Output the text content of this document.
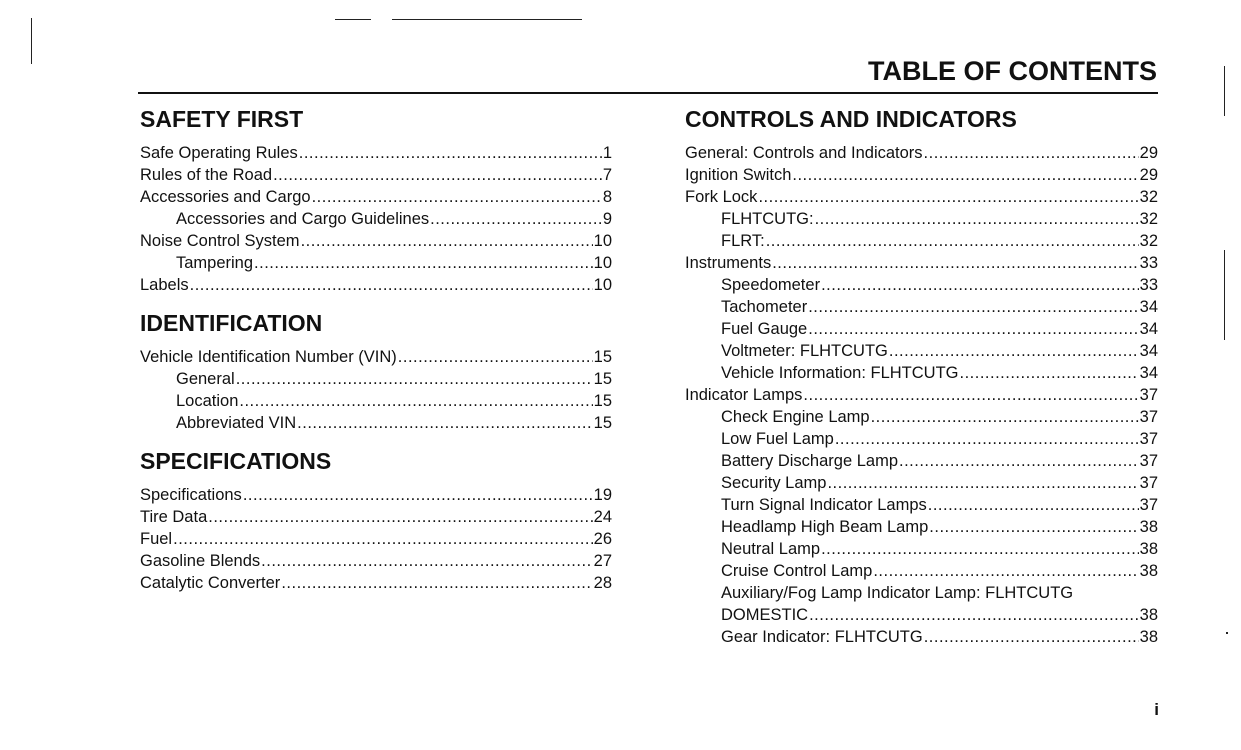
TABLE OF CONTENTS
SAFETY FIRST
Safe Operating Rules .....	1
Rules of the Road .....	7
Accessories and Cargo .....	8
Accessories and Cargo Guidelines .....	9
Noise Control System .....	10
Tampering .....	10
Labels .....	10
IDENTIFICATION
Vehicle Identification Number (VIN) .....	15
General .....	15
Location .....	15
Abbreviated VIN .....	15
SPECIFICATIONS
Specifications .....	19
Tire Data .....	24
Fuel .....	26
Gasoline Blends .....	27
Catalytic Converter .....	28
CONTROLS AND INDICATORS
General: Controls and Indicators .....	29
Ignition Switch .....	29
Fork Lock .....	32
FLHTCUTG: .....	32
FLRT: .....	32
Instruments .....	33
Speedometer .....	33
Tachometer .....	34
Fuel Gauge .....	34
Voltmeter: FLHTCUTG .....	34
Vehicle Information: FLHTCUTG .....	34
Indicator Lamps .....	37
Check Engine Lamp .....	37
Low Fuel Lamp .....	37
Battery Discharge Lamp .....	37
Security Lamp .....	37
Turn Signal Indicator Lamps .....	37
Headlamp High Beam Lamp .....	38
Neutral Lamp .....	38
Cruise Control Lamp .....	38
Auxiliary/Fog Lamp Indicator Lamp: FLHTCUTG
DOMESTIC .....	38
Gear Indicator: FLHTCUTG .....	38
i
